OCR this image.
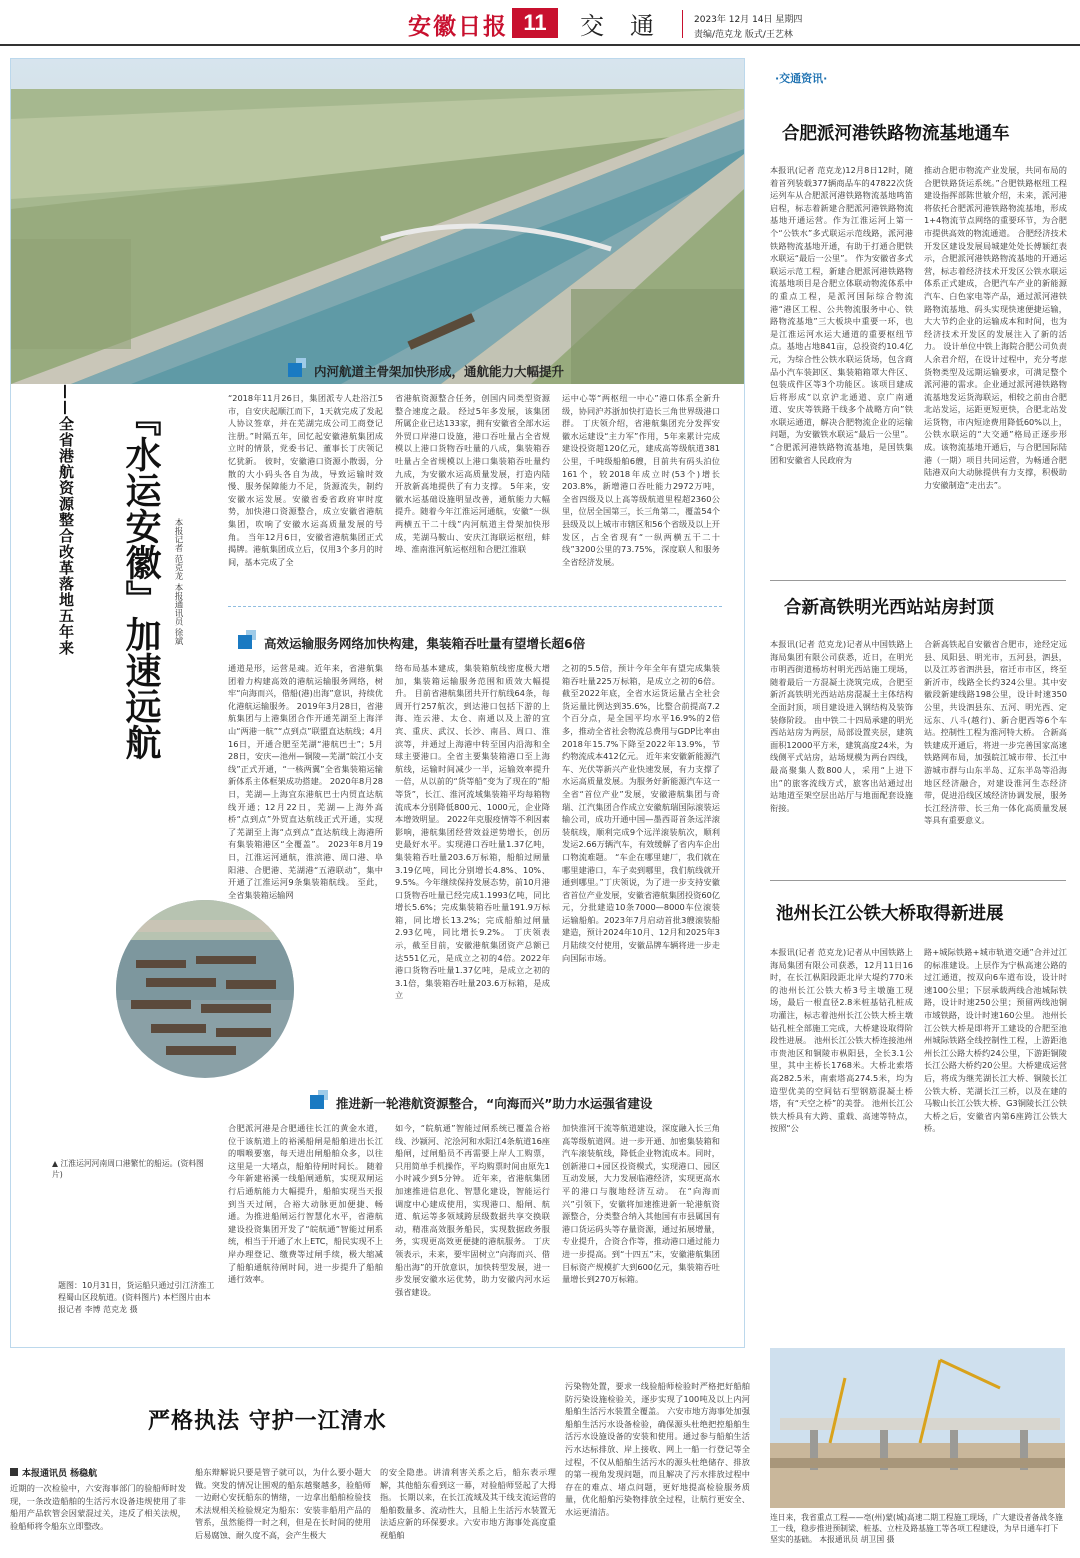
安徽日报 11	交通 2023年 12月 14日 星期四
责编/范克龙 版式/王艺林
内河航道主骨架加快形成，通航能力大幅提升
『水运安徽』加速远航
——全省港航资源整合改革落地五年来	本报记者 范克龙 本报通讯员 徐斌
“2018年11月26日，集团派专人赴浴江5市，自安庆起顺江而下，1天就完成了发起人协议签章，并在芜湖完成公司工商登记注册。”时隔五年，回忆起安徽港航集团成立时的情景，党委书记、董事长丁庆领记忆犹新。 彼时，安徽港口资源小散弱，分散的大小码头各自为战，导致运输时效慢、服务保障能力不足，货源流失，制约安徽水运发展。安徽省委省政府审时度势，加快港口资源整合，成立安徽省港航集团，吹响了安徽水运高质量发展的号角。 当年12月6日，安徽省港航集团正式揭牌。港航集团成立后，仅用3个多月的时间，基本完成了全
省港航资源整合任务，创国内同类型资源整合速度之最。 经过5年多发展，该集团所属企业已达133家，拥有安徽省全部水运外贸口岸港口设施，港口吞吐量占全省规模以上港口货物吞吐量的八成，集装箱吞吐量占全省规模以上港口集装箱吞吐量约九成，为安徽水运高质量发展，打造内陆开放新高地提供了有力支撑。 5年来，安徽水运基础设施明显改善，通航能力大幅提升。随着今年江淮运河通航，安徽“一纵两横五干二十线”内河航道主骨架加快形成，芜湖马鞍山、安庆江海联运枢纽，蚌埠、淮南淮河航运枢纽和合肥江淮联
运中心等“两枢纽一中心”港口体系全新升级，协同沪苏浙加快打造长三角世界级港口群。 丁庆领介绍，省港航集团充分发挥安徽水运建设“主力军”作用，5年来累计完成建设投资超120亿元，建成高等级航道381公里，千吨级船舶6艘，目前共有码头泊位161个，较2018年成立时(53个)增长203.8%，新增港口吞吐能力2972万吨，全省四级及以上高等级航道里程超2360公里，位居全国第三，长三角第二，覆盖54个县级及以上城市市辖区和56个省级及以上开发区，占全省现有“一纵两横五干二十线”3200公里的73.75%，深度联人和服务全省经济发展。
高效运输服务网络加快构建，集装箱吞吐量有望增长超6倍
通道是形，运营是魂。近年来，省港航集团着力构建高效的港航运输服务网络，树牢“向海而兴，借船(港)出海”意识，持续优化港航运输服务。 2019年3月28日，省港航集团与上港集团合作开通芜湖至上海洋山“两港一航”“点到点”联盟直达航线；4月16日，开通合肥至芜湖“港航巴士”；5月28日，安庆—池州—铜陵—芜湖“皖江小支线”正式开通，“一核两翼”全省集装箱运输新体系主体框架成功搭建。 2020年8月28日，芜湖—上海宜东港航巴士内贸直达航线开通；12月22日，芜湖—上海外高桥“点到点”外贸直达航线正式开通，实现了芜湖至上海“点到点”直达航线上海港所有集装箱港区“全覆盖”。 2023年8月19日，江淮运河通航，淮滨港、周口港、阜阳港、合肥港、芜湖港“五港联动”，集中开通了江淮运河9条集装箱航线。 至此，全省集装箱运输网
络布局基本建成，集装箱航线密度极大增加，集装箱运输服务范围和质效大幅提升。 目前省港航集团共开行航线64条，每周开行257航次，到达港口包括下游的上海、连云港、太仓、南通以及上游的宜宾、重庆、武汉、长沙、南昌、周口、淮滨等，并通过上海港中转至国内沿海和全球主要港口。全省主要集装箱港口至上海航线，运输时间减少一半，运输效率提升一倍，从以前的“货等船”变为了现在的“船等货”，长江、淮河流域集装箱平均每箱物流成本分别降低800元、1000元，企业降本增效明显。 2022年克服疫情等不利因素影响，港航集团经营效益逆势增长，创历史最好水平。实现港口吞吐量1.37亿吨，集装箱吞吐量203.6万标箱，船舶过闸量3.19亿吨，同比分别增长4.8%、10%、9.5%。今年继续保持发展态势，前10月港口货物吞吐量已经完成1.1993亿吨，同比增长5.6%；完成集装箱吞吐量191.9万标箱，同比增长13.2%；完成船舶过闸量2.93亿吨，同比增长9.2%。 丁庆领表示，截至目前，安徽港航集团资产总额已达551亿元，是成立之初的4倍。2022年港口货物吞吐量1.37亿吨，是成立之初的3.1倍，集装箱吞吐量203.6万标箱，是成立
之初的5.5倍，预计今年全年有望完成集装箱吞吐量225万标箱，是成立之初的6倍。 截至2022年底，全省水运货运量占全社会货运量比例达到35.6%，比整合前提高7.2个百分点，是全国平均水平16.9%的2倍多，推动全省社会物流总费用与GDP比率由2018年15.7%下降至2022年13.9%，节约物流成本412亿元。 近年来安徽新能源汽车、光伏等新兴产业快速发展，有力支撑了水运高质量发展。为服务好新能源汽车这一全省“首位产业”发展，安徽港航集团与奇瑞、江汽集团合作成立安徽航瑞国际滚装运输公司，成功开通中国—墨西哥首条远洋滚装航线，顺利完成9个远洋滚装航次，顺利发运2.66万辆汽车，有效缓解了省内车企出口物流难题。 “车企在哪里建厂，我们就在哪里建港口，车子卖到哪里，我们航线就开通到哪里。”丁庆领说，为了进一步支持安徽省首位产业发展，安徽省港航集团投资60亿元，分批建造10条7000—8000车位滚装运输船舶。2023年7月启动首批3艘滚装船建造，预计2024年10月、12月和2025年3月陆续交付使用，安徽品牌车辆将进一步走向国际市场。
▲ 江淮运河河南周口港繁忙的船运。(资料图片)
推进新一轮港航资源整合，“向海而兴”助力水运强省建设
合肥派河港是合肥通往长江的黄金水道，位于该航道上的裕溪船闸是船舶进出长江的咽喉要塞，每天进出闸船舶众多，以往这里是一大堵点，船舶待闸时间长。 随着今年新建裕溪一线船闸通航，实现双闸运行后通航能力大幅提升，船舶实现当天报到当天过闸，合裕大动脉更加便捷、畅通。为推进船闸运行智慧化水平，省港航建设投资集团开发了“皖航通”智能过闸系统，相当于开通了水上ETC，船民实现不上岸办理登记、缴费等过闸手续，极大缩减了船舶通航待闸时间，进一步提升了船舶通行效率。
如今，“皖航通”智能过闸系统已覆盖合裕线、沙颍河、沱浍河和水阳江4条航道16座船闸，过闸船员不再需要上岸人工购票，只用简单手机操作，平均购票时间由原先1小时减少到5分钟。 近年来，省港航集团加速推进信息化、智慧化建设，智能运行调度中心建成使用，实现港口、船闸、航道、航运等多领域跨层级数据共享交换联动，精准高效服务船民，实现数据政务服务，实现更高效更便捷的港航服务。 丁庆领表示，未来，要牢固树立“向海而兴、借船出海”的开放意识，加快转型发展，进一步发展安徽水运优势，助力安徽内河水运强省建设。
加快淮河干流等航道建设，深度融入长三角高等级航道网。进一步开通、加密集装箱和汽车滚装航线，降低企业物流成本。同时，创新港口+园区投资模式，实现港口、园区互动发展，大力发展临港经济，实现更高水平的港口与腹地经济互动。 在“向海而兴”引领下，安徽将加速推进新一轮港航资源整合，分类整合纳入其他国有市县属国有港口货运码头等存量资源，通过拓展增量，专业提升，合资合作等，推动港口通过能力进一步提高。到“十四五”末，安徽港航集团目标资产规模扩大到600亿元，集装箱吞吐量增长到270万标箱。
题图：10月31日，货运船只通过引江济淮工程蜀山区段航道。(资料图片) 本栏图片由本报记者 李博 范克龙 摄
·交通资讯·
合肥派河港铁路物流基地通车
本报讯(记者 范克龙)12月8日12时，随着首列装载377辆商品车的47822次货运列车从合肥派河港铁路物流基地鸣笛启程，标志着新建合肥派河港铁路物流基地开通运营。作为江淮运河上第一个“公铁水”多式联运示范线路，派河港铁路物流基地开通，有助于打通合肥铁水联运“最后一公里”。 作为安徽省多式联运示范工程，新建合肥派河港铁路物流基地项目是合肥立体联动物流体系中的重点工程，是派河国际综合物流港“港区工程、公共物流服务中心、铁路物流基地”三大板块中重要一环，也是江淮运河水运大通道的重要枢纽节点。基地占地841亩，总投资约10.4亿元，为综合性公铁水联运货场，包含商品小汽车装卸区、集装箱箱罩大件区、包装成件区等3个功能区。该项目建成后将形成“以京沪北通道、京广南通道、安庆等铁路干线多个战略方向”铁水联运通道，解决合肥物流企业的运输问题，为安徽铁水联运“最后一公里”。 “合肥派河港铁路物流基地，是国铁集团和安徽省人民政府为
推动合肥市物流产业发展，共同布局的合肥铁路货运系统。”合肥铁路枢纽工程建设指挥部陈世敏介绍，未来，派河港将依托合肥派河港铁路物流基地，形成1+4物流节点网络的重要环节，为合肥市提供高效的物流通道。 合肥经济技术开发区建设发展局城建处处长傅颖红表示，合肥派河港铁路物流基地的开通运营，标志着经济技术开发区公铁水联运体系正式建成，合肥汽车产业的新能源汽车、白色家电等产品，通过派河港铁路物流基地、码头实现快速便捷运输，大大节约企业的运输成本和时间，也为经济技术开发区的发展注入了新的活力。 设计单位中铁上海院合肥公司负责人余君介绍，在设计过程中，充分考虑货物类型及远期运输要求，可满足整个派河港的需求。企业通过派河港铁路物流基地发运货海联运，相较之前由合肥北站发运，运距更短更快，合肥北站发运货物，市内短途费用降低60%以上，公铁水联运的“大交通”格局正逐步形成。该物流基地开通后，与合肥国际陆港（一期）项目共同运营，为畅通合肥陆港双向大动脉提供有力支撑，积极助力安徽制造“走出去”。
合新高铁明光西站站房封顶
本报讯(记者 范克龙)记者从中国铁路上海局集团有限公司获悉，近日，在明光市明西街道杨坊村明光西站施工现场，随着最后一方混凝土浇筑完成，合肥至新沂高铁明光西站站房混凝土主体结构全面封顶，项目建设进入钢结构及装饰装修阶段。 由中铁二十四局承建的明光西站站房为两层，局部设置夹层，建筑面积12000平方米，建筑高度24米，为线侧平式站房，站场规模为两台四线，最高聚集人数800人，采用“上进下出”的旅客流线方式，旅客出站通过出站地道至架空层出站厅与地面配套设施衔接。
合新高铁起自安徽省合肥市，途经定远县、凤阳县、明光市，五河县，泗县，以及江苏省泗洪县，宿迁市市区，终至新沂市，线路全长约324公里。其中安徽段新建线路198公里，设计时速350公里，共设泗县东、五河、明光西、定远东、八斗(越行)、新合肥西等6个车站。控制性工程为淮河特大桥。 合新高铁建成开通后，将进一步完善国家高速铁路网布局，加强皖江城市带、长江中游城市群与山东半岛、辽东半岛等沿海地区经济融合，对建设淮河生态经济带，促进沿线区域经济协调发展，服务长江经济带、长三角一体化高质量发展等具有重要意义。
池州长江公铁大桥取得新进展
本报讯(记者 范克龙)记者从中国铁路上海局集团有限公司获悉，12月11日16时，在长江枞阳段距北岸大堤约770米的池州长江公铁大桥3号主墩施工现场，最后一根直径2.8米桩基钻孔桩成功灌注，标志着池州长江公铁大桥主墩钻孔桩全部施工完成，大桥建设取得阶段性进展。 池州长江公铁大桥连接池州市贵池区和铜陵市枞阳县，全长3.1公里，其中主桥长1768米。大桥北索塔高282.5米，南索塔高274.5米，均为造型优美的空间钻石型钢筋混凝土桥塔，有“天空之桥”的美誉。 池州长江公铁大桥具有大跨、重载、高速等特点，按照“公
路+城际铁路+城市轨道交通”合并过江的标准建设。上层作为宁枞高速公路的过江通道，按双向6车道布设，设计时速100公里；下层承载两线合池城际铁路，设计时速250公里；预留两线池铜市域铁路，设计时速160公里。 池州长江公铁大桥是即将开工建设的合肥至池州城际铁路全线控制性工程，上游距池州长江公路大桥约24公里，下游距铜陵长江公路大桥约20公里。大桥建成运营后，将成为继芜湖长江大桥、铜陵长江公铁大桥、芜湖长江三桥，以及在建的马鞍山长江公铁大桥、G3铜陵长江公铁大桥之后，安徽省内第6座跨江公铁大桥。
连日来，我省重点工程——亳(州)蒙(城)高速二期工程施工现场，广大建设者备战冬施工一线，稳步推进预制梁、桩基、立柱及路基施工等各项工程建设，为早日通车打下坚实的基础。 本报通讯员 胡卫国 摄
严格执法 守护一江清水
本报通讯员 杨稳航
近期的一次检验中，六安海事部门的验船师时发现，一条改造船舶的生活污水设备违规使用了非船用产品软管会因蒙混过关，违反了相关法规，验船师将令船东立即整改。
船东辩解说只要是管子就可以，为什么要小题大做。突发的情况让围观的船东越聚越多，验船师一边耐心安抚船东的情绪，一边拿出船舶检验技术法规相关检验规定为船东：安装非船用产品的管系，虽然能得一时之利，但是在长时间的使用后易腐蚀、耐久度不高，会产生极大
的安全隐患。讲清利害关系之后，船东表示理解，其他船东看到这一幕，对验船师竖起了大拇指。 长期以来，在长江流域及其干线支流运营的船舶数量多、流动性大，且船上生活污水装置无法适应新的环保要求。六安市地方海事处高度重视船舶
污染物处置，要求一线验船师检验时严格把好船舶防污染设施检验关，逐步实现了100吨及以上内河船舶生活污水装置全覆盖。 六安市地方海事处加强船舶生活污水设备检验，确保源头杜绝把控船舶生活污水设施设备的安装和使用。通过参与船舶生活污水达标排放、岸上接收、网上一船一行登记等全过程，不仅从船舶生活污水的源头杜绝储存、排放的第一视角发现问题，而且解决了污水排放过程中存在的难点、堵点问题，更好地提高检验服务质量，优化船舶污染物排放全过程，让航行更安全、水运更清洁。
